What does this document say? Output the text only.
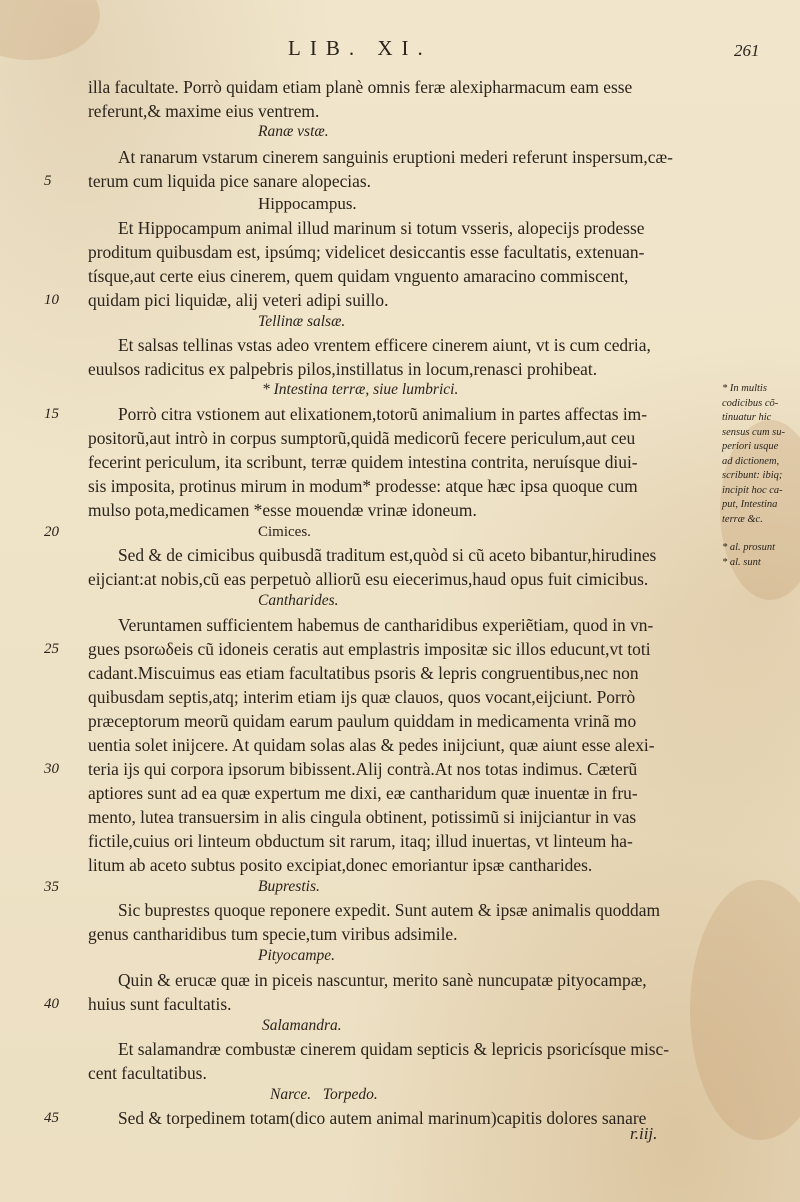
LIB. XI.	261
illa facultate. Porrò quidam etiam planè omnis feræ alexipharmacum eam esse
referunt,& maxime eius ventrem.
Ranæ vstæ.
At ranarum vstarum cinerem sanguinis eruptioni mederi referunt inspersum,cæ-
terum cum liquida pice sanare alopecias.
Hippocampus.
Et Hippocampum animal illud marinum si totum vsseris, alopecijs prodesse
proditum quibusdam est, ipsúmq; videlicet desiccantis esse facultatis, extenuan-
tísque,aut certe eius cinerem, quem quidam vnguento amaracino commiscent,
quidam pici liquidæ, alij veteri adipi suillo.
Tellinæ salsæ.
Et salsas tellinas vstas adeo vrentem efficere cinerem aiunt, vt is cum cedria,
euulsos radicitus ex palpebris pilos,instillatus in locum,renasci prohibeat.
* Intestina terræ, siue lumbrici.
Porrò citra vstionem aut elixationem,totorũ animalium in partes affectas im-
positorũ,aut intrò in corpus sumptorũ,quidã medicorũ fecere periculum,aut ceu
fecerint periculum, ita scribunt, terræ quidem intestina contrita, neruísque diui-
sis imposita, protinus mirum in modum* prodesse: atque hæc ipsa quoque cum
mulso pota,medicamen *esse mouendæ vrinæ idoneum.
Cimices.
Sed & de cimicibus quibusdã traditum est,quòd si cũ aceto bibantur,hirudines
eijciant:at nobis,cũ eas perpetuò alliorũ esu eiecerimus,haud opus fuit cimicibus.
Cantharides.
Veruntamen sufficientem habemus de cantharidibus experiẽtiam, quod in vn-
gues psorωδeis cũ idoneis ceratis aut emplastris impositæ sic illos educunt,vt toti
cadant.Miscuimus eas etiam facultatibus psoris & lepris congruentibus,nec non
quibusdam septis,atq; interim etiam ijs quæ clauos, quos vocant,eijciunt. Porrò
præceptorum meorũ quidam earum paulum quiddam in medicamenta vrinã mo
uentia solet inijcere. At quidam solas alas & pedes inijciunt, quæ aiunt esse alexi-
teria ijs qui corpora ipsorum bibissent.Alij contrà.At nos totas indimus. Cæterũ
aptiores sunt ad ea quæ expertum me dixi, eæ cantharidum quæ inuentæ in fru-
mento, lutea transuersim in alis cingula obtinent, potissimũ si inijciantur in vas
fictile,cuius ori linteum obductum sit rarum, itaq; illud inuertas, vt linteum ha-
litum ab aceto subtus posito excipiat,donec emoriantur ipsæ cantharides.
Buprestis.
Sic buprestεs quoque reponere expedit. Sunt autem & ipsæ animalis quoddam
genus cantharidibus tum specie,tum viribus adsimile.
Pityocampe.
Quin & erucæ quæ in piceis nascuntur, merito sanè nuncupatæ pityocampæ,
huius sunt facultatis.
Salamandra.
Et salamandræ combustæ cinerem quidam septicis & lepricis psoricísque misc-
cent facultatibus.
Narce.   Torpedo.
Sed & torpedinem totam(dico autem animal marinum)capitis dolores sanare
5
10
15
20
25
30
35
40
45
* In multis
codicibus cõ-
tinuatur hic
sensus cum su-
periori usque
ad dictionem,
scribunt: ibiq;
incipit hoc ca-
put, Intestina
terræ &c.
* al. prosunt
* al. sunt
r.iij.
